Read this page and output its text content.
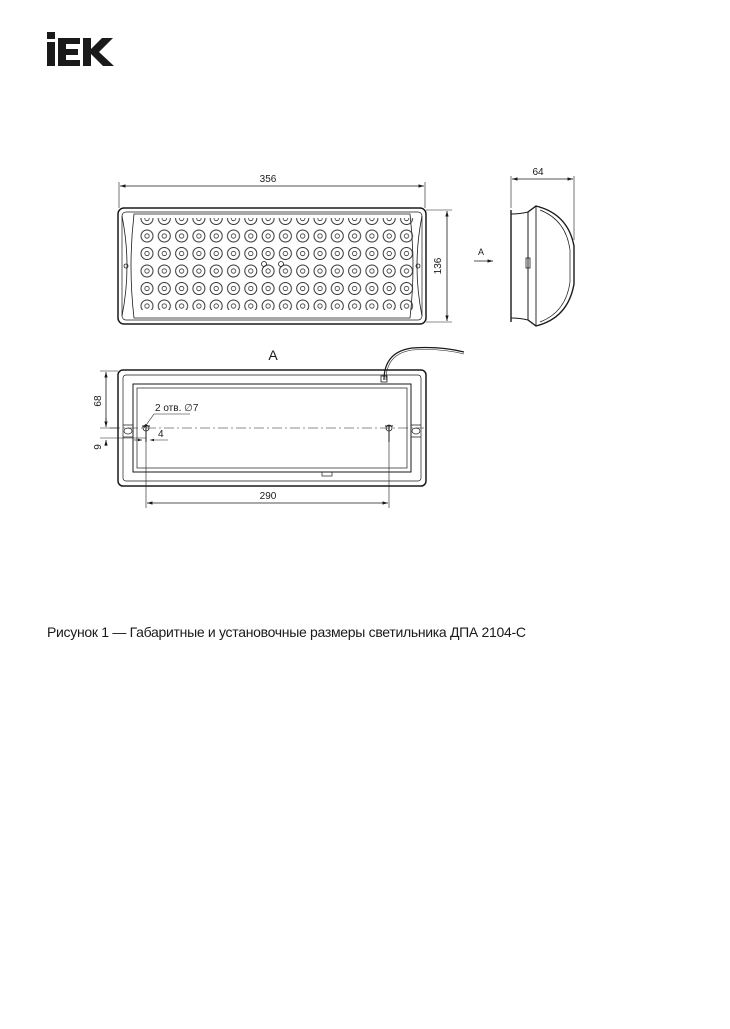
356
136
64
A
A
68
9
2 отв. ∅7
4
290
Рисунок 1 — Габаритные и установочные размеры светильника ДПА 2104-С
